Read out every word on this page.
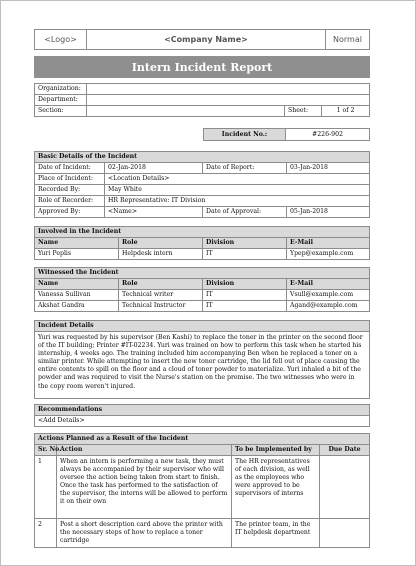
<Logo>	<Company Name>	Normal
Intern Incident Report
Organization:			
Department:			
Section:		Sheet:	1 of 2
Incident No.:	#226-902
Basic Details of the Incident			
Date of Incident:	02-Jan-2018	Date of Report:	03-Jan-2018
Place of Incident:	<Location Details>		
Recorded By:	May White		
Role of Recorder:	HR Representative: IT Division		
Approved By:	<Name>	Date of Approval:	05-Jan-2018
Involved in the Incident			
Name	Role	Division	E-Mail
Yuri Peplis	Helpdesk intern	IT	Ypep@example.com
Witnessed the Incident			
Name	Role	Division	E-Mail
Vanessa Sullivan	Technical writer	IT	Vsull@example.com
Akshat Gandra	Technical Instructor	IT	Agand@example.com
Incident Details
Yuri was requested by his supervisor (Ben Kashi) to replace the toner in the printer on the second floor of the IT building; Printer #IT-02234. Yuri was trained on how to perform this task when he started his internship, 4 weeks ago. The training included him accompanying Ben when he replaced a toner on a similar printer. While attempting to insert the new toner cartridge, the lid fell out of place causing the entire contents to spill on the floor and a cloud of toner powder to materialize. Yuri inhaled a bit of the powder and was required to visit the Nurse's station on the premise. The two witnesses who were in the copy room weren't injured.
Recommendations
<Add Details>
Actions Planned as a Result of the Incident			
Sr. No.	Action	To be Implemented by	Due Date
1	When an intern is performing a new task, they must always be accompanied by their supervisor who will oversee the action being taken from start to finish. Once the task has performed to the satisfaction of the supervisor, the interns will be allowed to perform it on their own	The HR representatives of each division, as well as the employees who were approved to be supervisors of interns	
2	Post a short description card above the printer with the necessary steps of how to replace a toner cartridge	The printer team, in the IT helpdesk department	
